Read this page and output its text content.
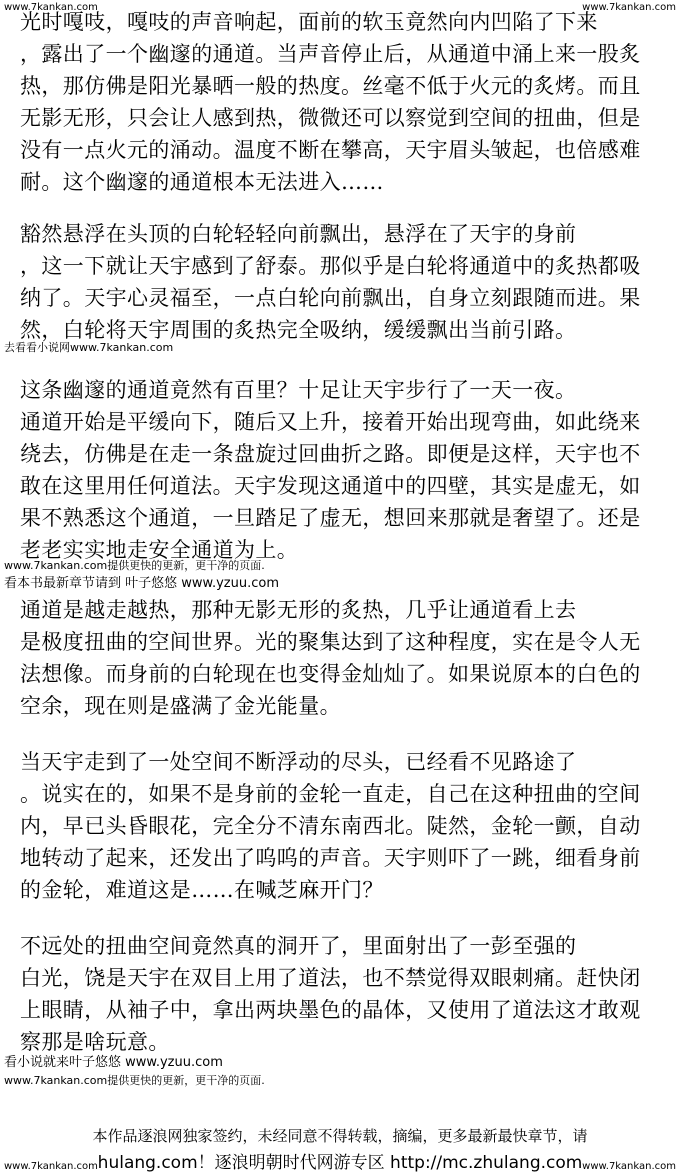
www.7kankan.com	www.7kankan.com
光时嘎吱，嘎吱的声音响起，面前的软玉竟然向内凹陷了下来
，露出了一个幽邃的通道。当声音停止后，从通道中涌上来一股炙
热，那仿佛是阳光暴晒一般的热度。丝毫不低于火元的炙烤。而且
无影无形，只会让人感到热，微微还可以察觉到空间的扭曲，但是
没有一点火元的涌动。温度不断在攀高，天宇眉头皱起，也倍感难
耐。这个幽邃的通道根本无法进入……
豁然悬浮在头顶的白轮轻轻向前飘出，悬浮在了天宇的身前
，这一下就让天宇感到了舒泰。那似乎是白轮将通道中的炙热都吸
纳了。天宇心灵福至，一点白轮向前飘出，自身立刻跟随而进。果
然，白轮将天宇周围的炙热完全吸纳，缓缓飘出当前引路。
去看看小说网www.7kankan.com
这条幽邃的通道竟然有百里？十足让天宇步行了一天一夜。
通道开始是平缓向下，随后又上升，接着开始出现弯曲，如此绕来
绕去，仿佛是在走一条盘旋过回曲折之路。即便是这样，天宇也不
敢在这里用任何道法。天宇发现这通道中的四壁，其实是虚无，如
果不熟悉这个通道，一旦踏足了虚无，想回来那就是奢望了。还是
老老实实地走安全通道为上。
www.7kankan.com提供更快的更新，更干净的页面.
看本书最新章节请到 叶子悠悠 www.yzuu.com
通道是越走越热，那种无影无形的炙热，几乎让通道看上去
是极度扭曲的空间世界。光的聚集达到了这种程度，实在是令人无
法想像。而身前的白轮现在也变得金灿灿了。如果说原本的白色的
空余，现在则是盛满了金光能量。
当天宇走到了一处空间不断浮动的尽头，已经看不见路途了
。说实在的，如果不是身前的金轮一直走，自己在这种扭曲的空间
内，早已头昏眼花，完全分不清东南西北。陡然，金轮一颤，自动
地转动了起来，还发出了呜呜的声音。天宇则吓了一跳，细看身前
的金轮，难道这是……在喊芝麻开门？
不远处的扭曲空间竟然真的洞开了，里面射出了一彭至强的
白光，饶是天宇在双目上用了道法，也不禁觉得双眼刺痛。赶快闭
上眼睛，从袖子中，拿出两块墨色的晶体，又使用了道法这才敢观
察那是啥玩意。
看小说就来叶子悠悠 www.yzuu.com
www.7kankan.com提供更快的更新，更干净的页面.
本作品逐浪网独家签约，未经同意不得转载，摘编，更多最新最快章节，请
hulang.com！逐浪明朝时代网游专区 http://mc.zhulang.com
www.7kankan.com	www.7kankan.com
